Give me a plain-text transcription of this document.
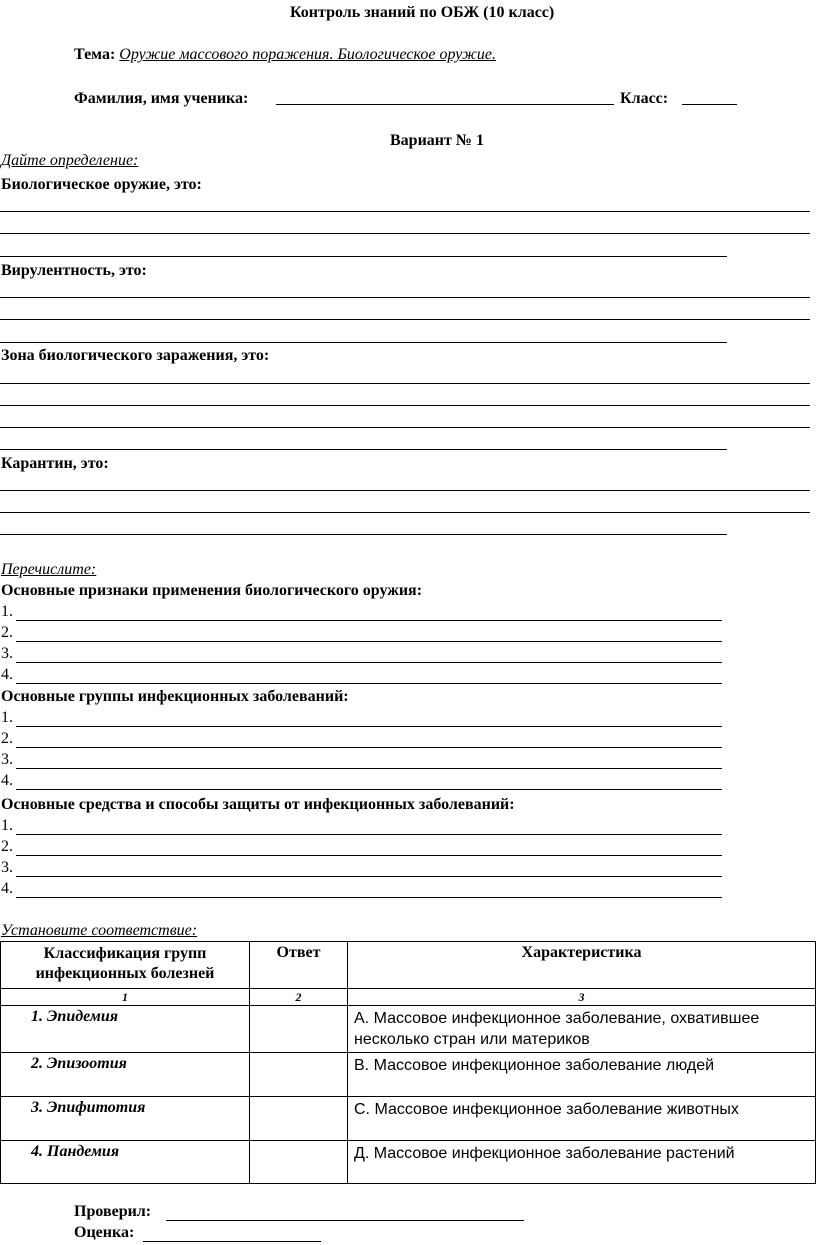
Контроль знаний по ОБЖ (10 класс)
Тема: Оружие массового поражения. Биологическое оружие.
Фамилия, имя ученика:	Класс:
Вариант № 1
Дайте определение:
Биологическое оружие, это:
Вирулентность, это:
Зона биологического заражения, это:
Карантин, это:
Перечислите:
Основные признаки применения биологического оружия:
1.
2.
3.
4.
Основные группы инфекционных заболеваний:
1.
2.
3.
4.
Основные средства и способы защиты от инфекционных заболеваний:
1.
2.
3.
4.
Установите соответствие:
Классификация групп инфекционных болезней	Ответ	Характеристика
1	2	3
1. Эпидемия		А. Массовое инфекционное заболевание, охватившее несколько стран или материков
2. Эпизоотия		В. Массовое инфекционное заболевание людей
3. Эпифитотия		С. Массовое инфекционное заболевание животных
4. Пандемия		Д. Массовое инфекционное заболевание растений
Проверил:
Оценка:
